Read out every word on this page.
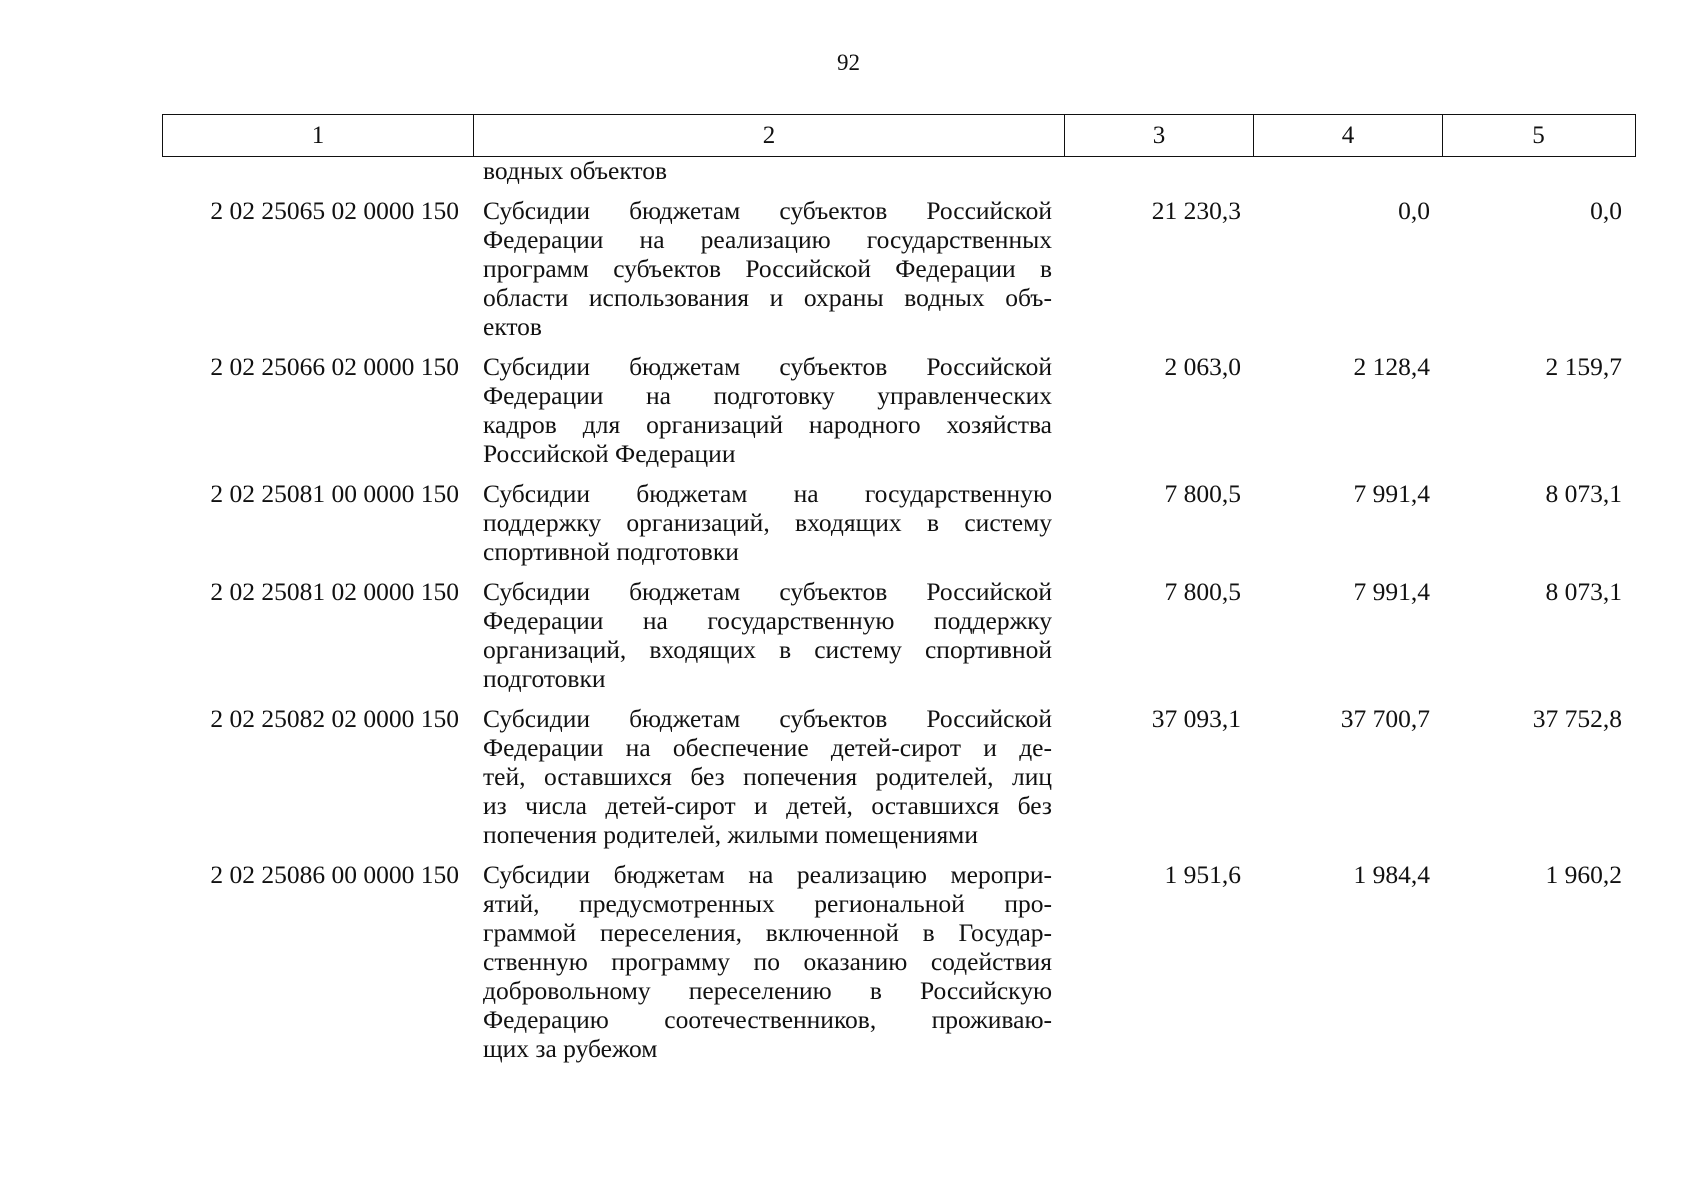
92
1	2	3	4	5
водных объектов
2 02 25065 02 0000 150 Субсидии бюджетам субъектов Российской
Федерации на реализацию государственных
программ субъектов Российской Федерации в
области использования и охраны водных объ-
ектов
21 230,3	0,0	0,0
2 02 25066 02 0000 150 Субсидии бюджетам субъектов Российской
Федерации на подготовку управленческих
кадров для организаций народного хозяйства
Российской Федерации
2 063,0	2 128,4	2 159,7
2 02 25081 00 0000 150 Субсидии бюджетам на государственную
поддержку организаций, входящих в систему
спортивной подготовки
7 800,5	7 991,4	8 073,1
2 02 25081 02 0000 150 Субсидии бюджетам субъектов Российской
Федерации на государственную поддержку
организаций, входящих в систему спортивной
подготовки
7 800,5	7 991,4	8 073,1
2 02 25082 02 0000 150 Субсидии бюджетам субъектов Российской
Федерации на обеспечение детей-сирот и де-
тей, оставшихся без попечения родителей, лиц
из числа детей-сирот и детей, оставшихся без
попечения родителей, жилыми помещениями
37 093,1	37 700,7	37 752,8
2 02 25086 00 0000 150 Субсидии бюджетам на реализацию меропри-
ятий, предусмотренных региональной про-
граммой переселения, включенной в Государ-
ственную программу по оказанию содействия
добровольному переселению в Российскую
Федерацию соотечественников, проживаю-
щих за рубежом
1 951,6	1 984,4	1 960,2
